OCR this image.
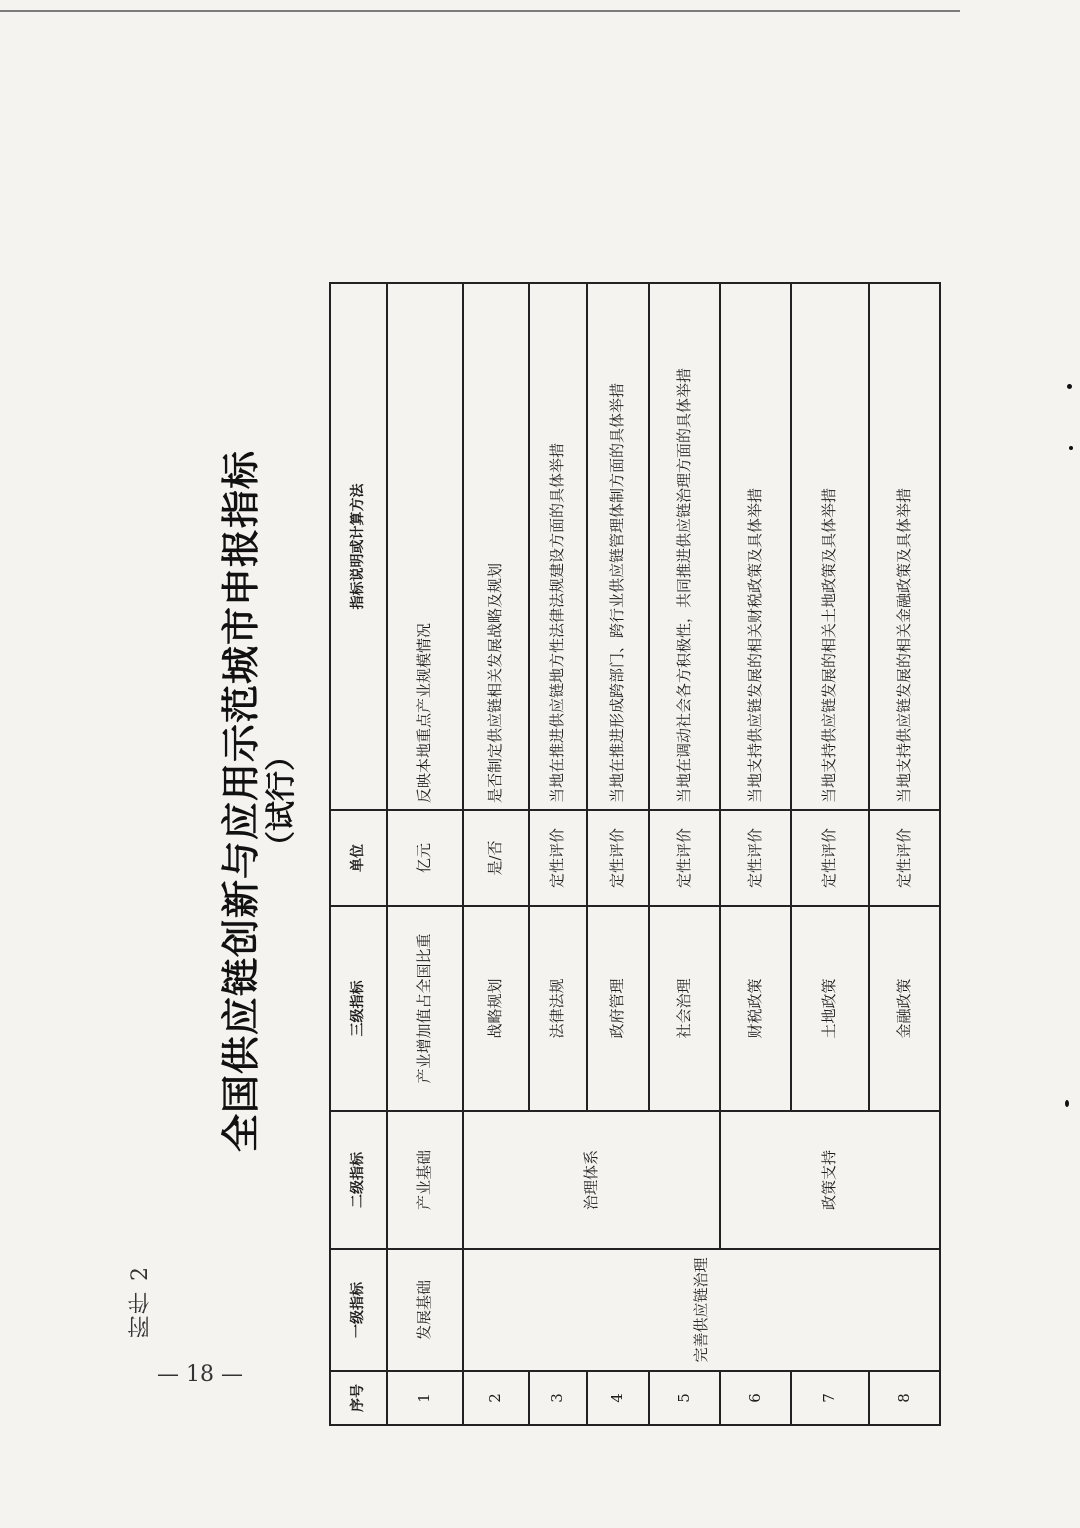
全国供应链创新与应用示范城市申报指标 （试行）
序号	一级指标	二级指标	三级指标	单位	指标说明或计算方法
1	发展基础	产业基础	产业增加值占全国比重	亿元	反映本地重点产业规模情况
2	完善供应链治理	治理体系	战略规划	是/否	是否制定供应链相关发展战略及规划
3			法律法规	定性评价	当地在推进供应链地方性法律法规建设方面的具体举措
4			政府管理	定性评价	当地在推进形成跨部门、跨行业供应链管理体制方面的具体举措
5			社会治理	定性评价	当地在调动社会各方积极性，共同推进供应链治理方面的具体举措
6		政策支持	财税政策	定性评价	当地支持供应链发展的相关财税政策及具体举措
7			土地政策	定性评价	当地支持供应链发展的相关土地政策及具体举措
8			金融政策	定性评价	当地支持供应链发展的相关金融政策及具体举措
附件 2
— 18 —
